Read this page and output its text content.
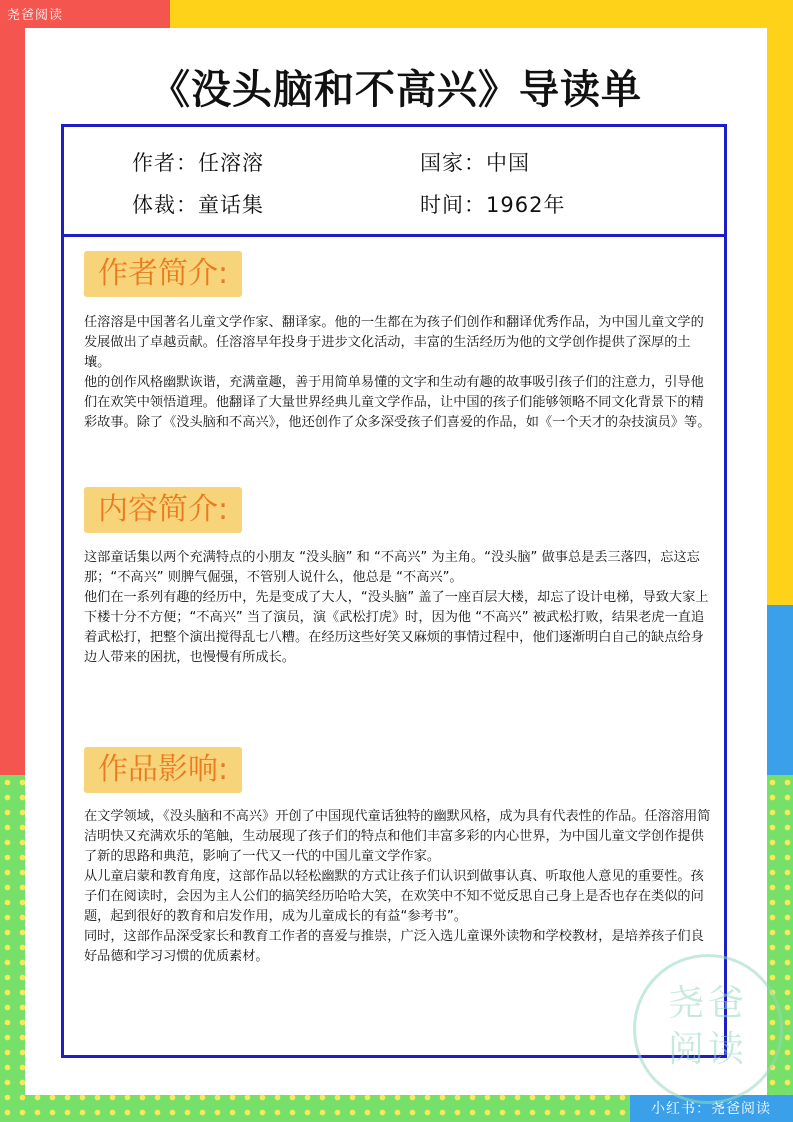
尧爸阅读
小红书：尧爸阅读
《没头脑和不高兴》导读单
作者：任溶溶	国家：中国
体裁：童话集	时间：1962年
作者简介:

任溶溶是中国著名儿童文学作家、翻译家。他的一生都在为孩子们创作和翻译优秀作品，为中国儿童文学的发展做出了卓越贡献。任溶溶早年投身于进步文化活动，丰富的生活经历为他的文学创作提供了深厚的土壤。

他的创作风格幽默诙谐，充满童趣，善于用简单易懂的文字和生动有趣的故事吸引孩子们的注意力，引导他们在欢笑中领悟道理。他翻译了大量世界经典儿童文学作品，让中国的孩子们能够领略不同文化背景下的精彩故事。除了《没头脑和不高兴》，他还创作了众多深受孩子们喜爱的作品，如《一个天才的杂技演员》等。

内容简介:

这部童话集以两个充满特点的小朋友 “没头脑” 和 “不高兴” 为主角。“没头脑” 做事总是丢三落四，忘这忘那；“不高兴” 则脾气倔强，不管别人说什么，他总是 “不高兴”。

他们在一系列有趣的经历中，先是变成了大人，“没头脑” 盖了一座百层大楼，却忘了设计电梯，导致大家上下楼十分不方便；“不高兴” 当了演员，演《武松打虎》时，因为他 “不高兴” 被武松打败，结果老虎一直追着武松打，把整个演出搅得乱七八糟。在经历这些好笑又麻烦的事情过程中，他们逐渐明白自己的缺点给身边人带来的困扰，也慢慢有所成长。

作品影响:

在文学领域，《没头脑和不高兴》开创了中国现代童话独特的幽默风格，成为具有代表性的作品。任溶溶用简洁明快又充满欢乐的笔触，生动展现了孩子们的特点和他们丰富多彩的内心世界，为中国儿童文学创作提供了新的思路和典范，影响了一代又一代的中国儿童文学作家。

从儿童启蒙和教育角度，这部作品以轻松幽默的方式让孩子们认识到做事认真、听取他人意见的重要性。孩子们在阅读时，会因为主人公们的搞笑经历哈哈大笑，在欢笑中不知不觉反思自己身上是否也存在类似的问题，起到很好的教育和启发作用，成为儿童成长的有益“参考书”。

同时，这部作品深受家长和教育工作者的喜爱与推崇，广泛入选儿童课外读物和学校教材，是培养孩子们良好品德和学习习惯的优质素材。

尧爸
阅读
